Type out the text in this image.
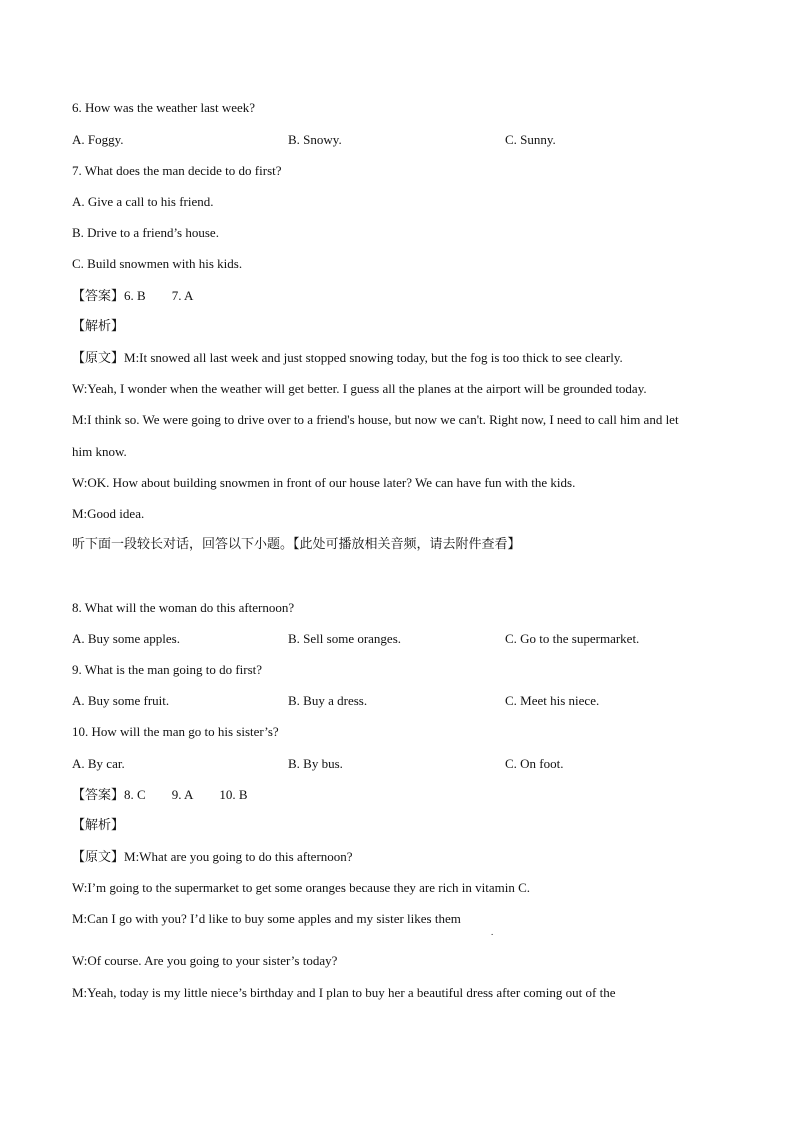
6. How was the weather last week?
A. Foggy.	B. Snowy.	C. Sunny.
7. What does the man decide to do first?
A. Give a call to his friend.
B. Drive to a friend’s house.
C. Build snowmen with his kids.
【答案】6. B 7. A
【解析】
【原文】M:It snowed all last week and just stopped snowing today, but the fog is too thick to see clearly.
W:Yeah, I wonder when the weather will get better. I guess all the planes at the airport will be grounded today.
M:I think so. We were going to drive over to a friend's house, but now we can't. Right now, I need to call him and let
him know.
W:OK. How about building snowmen in front of our house later? We can have fun with the kids.
M:Good idea.
听下面一段较长对话，回答以下小题。【此处可播放相关音频，请去附件查看】
8. What will the woman do this afternoon?
A. Buy some apples.	B. Sell some oranges.	C. Go to the supermarket.
9. What is the man going to do first?
A. Buy some fruit.	B. Buy a dress.	C. Meet his niece.
10. How will the man go to his sister’s?
A. By car.	B. By bus.	C. On foot.
【答案】8. C 9. A 10. B
【解析】
【原文】M:What are you going to do this afternoon?
W:I’m going to the supermarket to get some oranges because they are rich in vitamin C.
M:Can I go with you? I’d like to buy some apples and my sister likes them
.
W:Of course. Are you going to your sister’s today?
M:Yeah, today is my little niece’s birthday and I plan to buy her a beautiful dress after coming out of the
